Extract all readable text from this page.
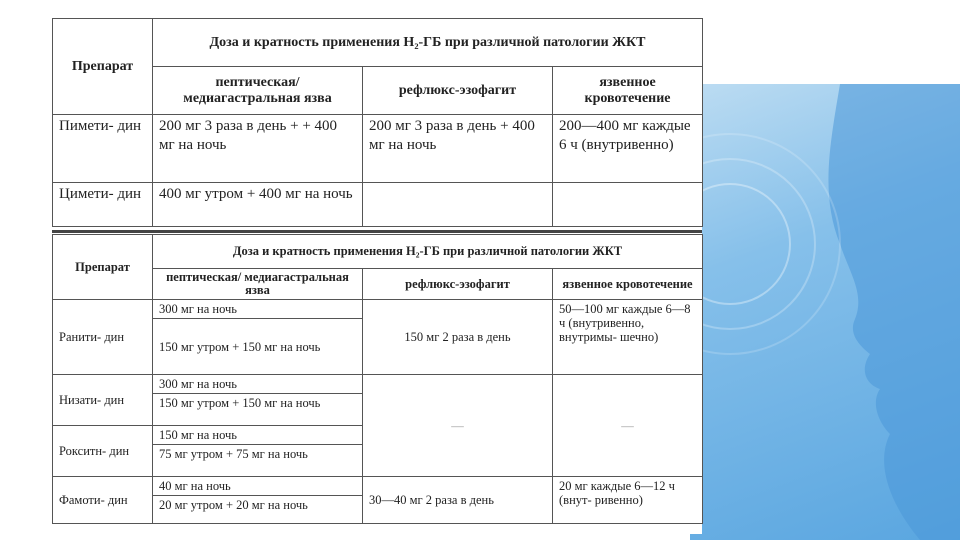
Препарат	Доза и кратность применения H₂-ГБ при различной патологии ЖКТ		
	пептическая/ медиагастральная язва	рефлюкс-эзофагит	язвенное кровотечение
Пимети- дин	200 мг 3 раза в день + + 400 мг на ночь	200 мг 3 раза в день + 400 мг на ночь	200—400 мг каждые 6 ч (внутривенно)
Цимети- дин	400 мг утром + 400 мг на ночь		
Препарат	Доза и кратность применения H₂-ГБ при различной патологии ЖКТ		
	пептическая/ медиагастральная язва	рефлюкс-эзофагит	язвенное кровотечение
Ранити- дин	300 мг на ночь	150 мг 2 раза в день	50—100 мг каждые 6—8 ч (внутривенно, внутримы- шечно)
	150 мг утром + 150 мг на ночь		
Низати- дин	300 мг на ночь	—	—
	150 мг утром + 150 мг на ночь		
Рокситн- дин	150 мг на ночь		
	75 мг утром + 75 мг на ночь		
Фамоти- дин	40 мг на ночь	30—40 мг 2 раза в день	20 мг каждые 6—12 ч (внут- ривенно)
	20 мг утром + 20 мг на ночь		
